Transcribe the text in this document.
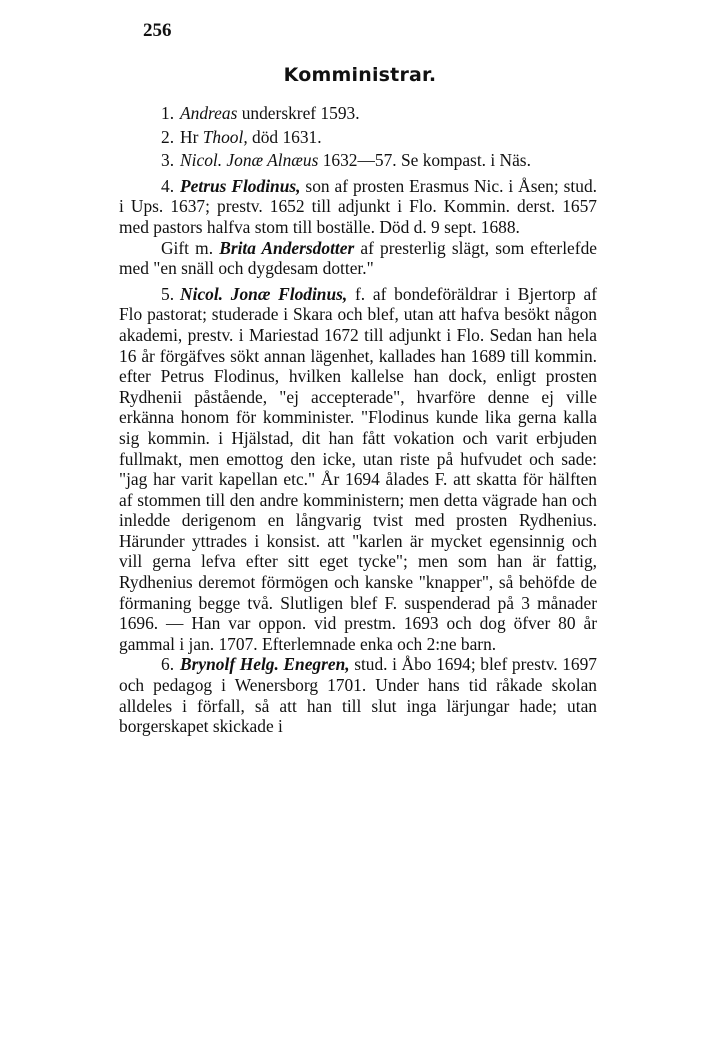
256
Komministrar.

1. Andreas underskref 1593.

2. Hr Thool, död 1631.

3. Nicol. Jonæ Alnæus 1632—57. Se kompast. i Näs.

4. Petrus Flodinus, son af prosten Erasmus Nic. i Åsen; stud. i Ups. 1637; prestv. 1652 till adjunkt i Flo. Kommin. derst. 1657 med pastors halfva stom till boställe. Död d. 9 sept. 1688.

Gift m. Brita Andersdotter af presterlig slägt, som efterlefde med "en snäll och dygdesam dotter."

5. Nicol. Jonæ Flodinus, f. af bondeföräldrar i Bjertorp af Flo pastorat; studerade i Skara och blef, utan att hafva besökt någon akademi, prestv. i Mariestad 1672 till adjunkt i Flo. Sedan han hela 16 år förgäfves sökt annan lägenhet, kallades han 1689 till kommin. efter Petrus Flodinus, hvilken kallelse han dock, enligt prosten Rydhenii påstående, "ej accepterade", hvarföre denne ej ville erkänna honom för komminister. "Flodinus kunde lika gerna kalla sig kommin. i Hjälstad, dit han fått vokation och varit erbjuden fullmakt, men emottog den icke, utan riste på hufvudet och sade: "jag har varit kapellan etc." År 1694 ålades F. att skatta för hälften af stommen till den andre komministern; men detta vägrade han och inledde derigenom en långvarig tvist med prosten Rydhenius. Härunder yttrades i konsist. att "karlen är mycket egensinnig och vill gerna lefva efter sitt eget tycke"; men som han är fattig, Rydhenius deremot förmögen och kanske "knapper", så behöfde de förmaning begge två. Slutligen blef F. suspenderad på 3 månader 1696. — Han var oppon. vid prestm. 1693 och dog öfver 80 år gammal i jan. 1707. Efterlemnade enka och 2:ne barn.

6. Brynolf Helg. Enegren, stud. i Åbo 1694; blef prestv. 1697 och pedagog i Wenersborg 1701. Under hans tid råkade skolan alldeles i förfall, så att han till slut inga lärjungar hade; utan borgerskapet skickade i
